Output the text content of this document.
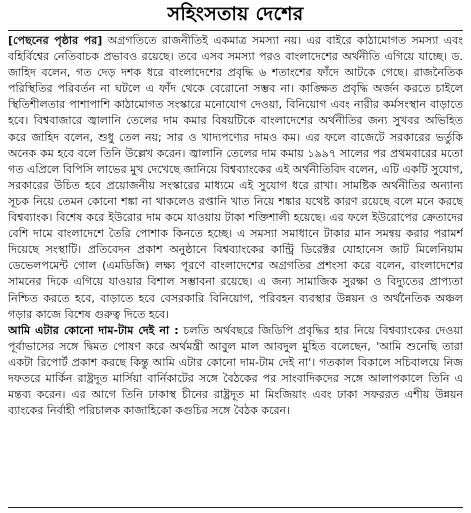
সহিংসতায় দেশের

[পেছনের পৃষ্ঠার পর] অগ্রগতিতে রাজনীতিই একমাত্র সমস্যা নয়। এর বাইরে কাঠামোগত সমস্যা এবং বহির্বিশ্বের নেতিবাচক প্রভাবও রয়েছে। তবে এসব সমস্যা পরও বাংলাদেশের অর্থনীতি এগিয়ে যাচ্ছে। ড. জাহিদ বলেন, গত দেড় দশক ধরে বাংলাদেশের প্রবৃদ্ধি ৬ শতাংশের ফাঁদে আটকে গেছে। রাজনৈতিক পরিস্থিতির পরিবর্তন না ঘটলে এ ফাঁদ থেকে বেরোনো সম্ভব না। কাঙ্ক্ষিত প্রবৃদ্ধি অর্জন করতে চাইলে স্থিতিশীলতার পাশাপাশি কাঠামোগত সংস্কারে মনোযোগ দেওয়া, বিনিয়োগ এবং নারীর কর্মসংস্থান বাড়াতে হবে। বিশ্ববাজারে জ্বালানি তেলের দাম কমার বিষয়টিকে বাংলাদেশের অর্থনীতির জন্য সুখবর অভিহিত করে জাহিদ বলেন, শুধু তেল নয়; সার ও খাদ্যপণ্যের দামও কম। এর ফলে বাজেটে সরকারের ভর্তুকি অনেক কম হবে বলে তিনি উল্লেখ করেন। জ্বালানি তেলের দাম কমায় ১৯৯৭ সালের পর প্রথমবারের মতো গত এপ্রিলে বিপিসি লাভের মুখ দেখেছে জানিয়ে বিশ্বব্যাংকের এই অর্থনীতিবিদ বলেন, এটি একটি সুযোগ, সরকারের উচিত হবে প্রয়োজনীয় সংস্কারের মাধ্যমে এই সুযোগ ধরে রাখা। সামষ্টিক অর্থনীতির অন্যান্য সূচক নিয়ে তেমন কোনো শঙ্কা না থাকলেও রপ্তানি খাত নিয়ে শঙ্কার যথেষ্ট কারণ রয়েছে বলে মনে করছে বিশ্বব্যাংক। বিশেষ করে ইউরোর দাম কমে যাওয়ায় টাকা শক্তিশালী হয়েছে। এর ফলে ইউরোপের ক্রেতাদের বেশি দামে বাংলাদেশে তৈরি পোশাক কিনতে হচ্ছে। এ সমস্যা সমাধানে টাকার মান সমন্বয় করার পরামর্শ দিয়েছে সংস্থাটি। প্রতিবেদন প্রকাশ অনুষ্ঠানে বিশ্বব্যাংকের কান্ট্রি ডিরেক্টর যোহানেস জাট মিলেনিয়াম ডেভেলপমেন্ট গোল (এমডিজি) লক্ষ্য পূরণে বাংলাদেশের অগ্রগতির প্রশংসা করে বলেন, বাংলাদেশের সামনের দিকে এগিয়ে যাওয়ার বিশাল সম্ভাবনা রয়েছে। এ জন্য সামাজিক সুরক্ষা ও বিদ্যুতের প্রাপ্যতা নিশ্চিত করতে হবে, বাড়াতে হবে বেসরকারি বিনিয়োগ, পরিবহন ব্যবস্থার উন্নয়ন ও অর্থনৈতিক অঞ্চল গড়ার কাজে বিশেষ গুরুত্ব দিতে হবে।

আমি এটার কোনো দাম-টাম দেই না : চলতি অর্থবছরে জিডিপি প্রবৃদ্ধির হার নিয়ে বিশ্বব্যাংকের দেওয়া পূর্বাভাসের সঙ্গে দ্বিমত পোষণ করে অর্থমন্ত্রী আবুল মাল আবদুল মুহিত বলেছেন, 'আমি শুনেছি তারা একটা রিপোর্ট প্রকাশ করছে কিন্তু আমি এটার কোনো দাম-টাম দেই না'। গতকাল বিকালে সচিবালয়ে নিজ দফতরে মার্কিন রাষ্ট্রদূত মার্সিয়া বার্নিকাটের সঙ্গে বৈঠকের পর সাংবাদিকদের সঙ্গে আলাপকালে তিনি এ মন্তব্য করেন। এর আগে তিনি ঢাকাস্থ চীনের রাষ্ট্রদূত মা মিংজিয়াং এবং ঢাকা সফররত এশীয় উন্নয়ন ব্যাংকের নির্বাহী পরিচালক কাজাহিকো কগুচির সঙ্গে বৈঠক করেন।
